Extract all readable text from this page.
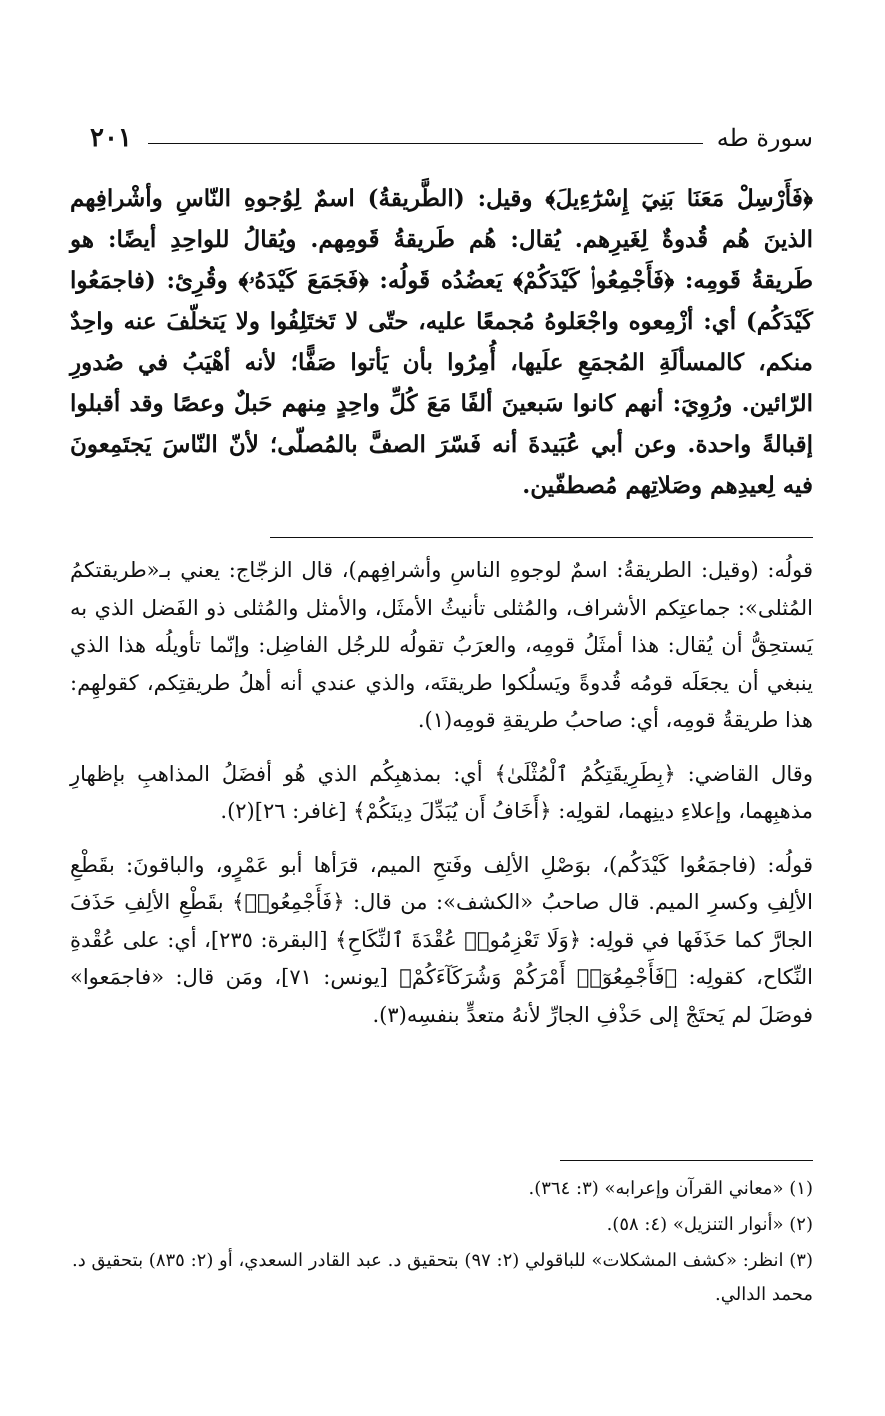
٢٠١	سورة طه

﴿فَأَرْسِلْ مَعَنَا بَنِيٓ إِسْرَٰٓءِيلَ﴾ وقيل: (الطَّريقةُ) اسمٌ لِوُجوهِ النّاسِ وأشْرافِهم الذينَ هُم قُدوةٌ لِغَيرِهم. يُقال: هُم طَريقةُ قَومِهم. ويُقالُ للواحِدِ أيضًا: هو طَريقةُ قَومِه: ﴿فَأَجْمِعُوا۟ كَيْدَكُمْ﴾ يَعضُدُه قَولُه: ﴿فَجَمَعَ كَيْدَهُۥ﴾ وقُرِئ: (فاجمَعُوا كَيْدَكُم) أي: أزْمِعوه واجْعَلوهُ مُجمعًا عليه، حتّى لا تَختَلِفُوا ولا يَتخلّفَ عنه واحِدٌ منكم، كالمسألَةِ المُجمَعِ علَيها، أُمِرُوا بأن يَأتوا صَفًّا؛ لأنه أهْيَبُ في صُدورِ الرّائين. ورُوِيَ: أنهم كانوا سَبعينَ ألفًا مَعَ كُلِّ واحِدٍ مِنهم حَبلٌ وعصًا وقد أقبلوا إقبالةً واحدة. وعن أبي عُبَيدةَ أنه فَسّرَ الصفَّ بالمُصلّى؛ لأنّ النّاسَ يَجتَمِعونَ فيه لِعيدِهم وصَلاتِهم مُصطفّين.

قولُه: (وقيل: الطريقةُ: اسمٌ لوجوهِ الناسِ وأشرافِهم)، قال الزجّاج: يعني بـ«طريقتكمُ المُثلى»: جماعتِكم الأشراف، والمُثلى تأنيثُ الأمثَل، والأمثل والمُثلى ذو الفَضل الذي به يَستحِقُّ أن يُقال: هذا أمثَلُ قومِه، والعرَبُ تقولُه للرجُل الفاضِل: وإنّما تأويلُه هذا الذي ينبغي أن يجعَلَه قومُه قُدوةً ويَسلُكوا طريقتَه، والذي عندي أنه أهلُ طريقتِكم، كقولهِم: هذا طريقةُ قومِه، أي: صاحبُ طريقةِ قومِه(١).

وقال القاضي: ﴿بِطَرِيقَتِكُمُ ٱلْمُثْلَىٰ﴾ أي: بمذهبِكُم الذي هُو أفضَلُ المذاهبِ بإظهارِ مذهبِهما، وإعلاءِ دينِهما، لقولِه: ﴿أَخَافُ أَن يُبَدِّلَ دِينَكُمْ﴾ [غافر: ٢٦](٢).

قولُه: (فاجمَعُوا كَيْدَكُم)، بوَصْلِ الألِف وفَتحِ الميم، قرَأها أبو عَمْرٍو، والباقونَ: بقَطْعِ الألِفِ وكسرِ الميم. قال صاحبُ «الكشف»: من قال: ﴿فَأَجْمِعُوا۟﴾ بقَطْعِ الألِفِ حَذَفَ الجارَّ كما حَذَفَها في قولِه: ﴿وَلَا تَعْزِمُوا۟ عُقْدَةَ ٱلنِّكَاحِ﴾ [البقرة: ٢٣٥]، أي: على عُقْدةِ النِّكاح، كقولِه: ﴿فَأَجْمِعُوٓا۟ أَمْرَكُمْ وَشُرَكَآءَكُمْ﴾ [يونس: ٧١]، ومَن قال: «فاجمَعوا» فوصَلَ لم يَحتَجْ إلى حَذْفِ الجارِّ لأنهُ متعدٍّ بنفسِه(٣).

(١) «معاني القرآن وإعرابه» (٣: ٣٦٤).

(٢) «أنوار التنزيل» (٤: ٥٨).

(٣) انظر: «كشف المشكلات» للباقولي (٢: ٩٧) بتحقيق د. عبد القادر السعدي، أو (٢: ٨٣٥) بتحقيق د. محمد الدالي.
